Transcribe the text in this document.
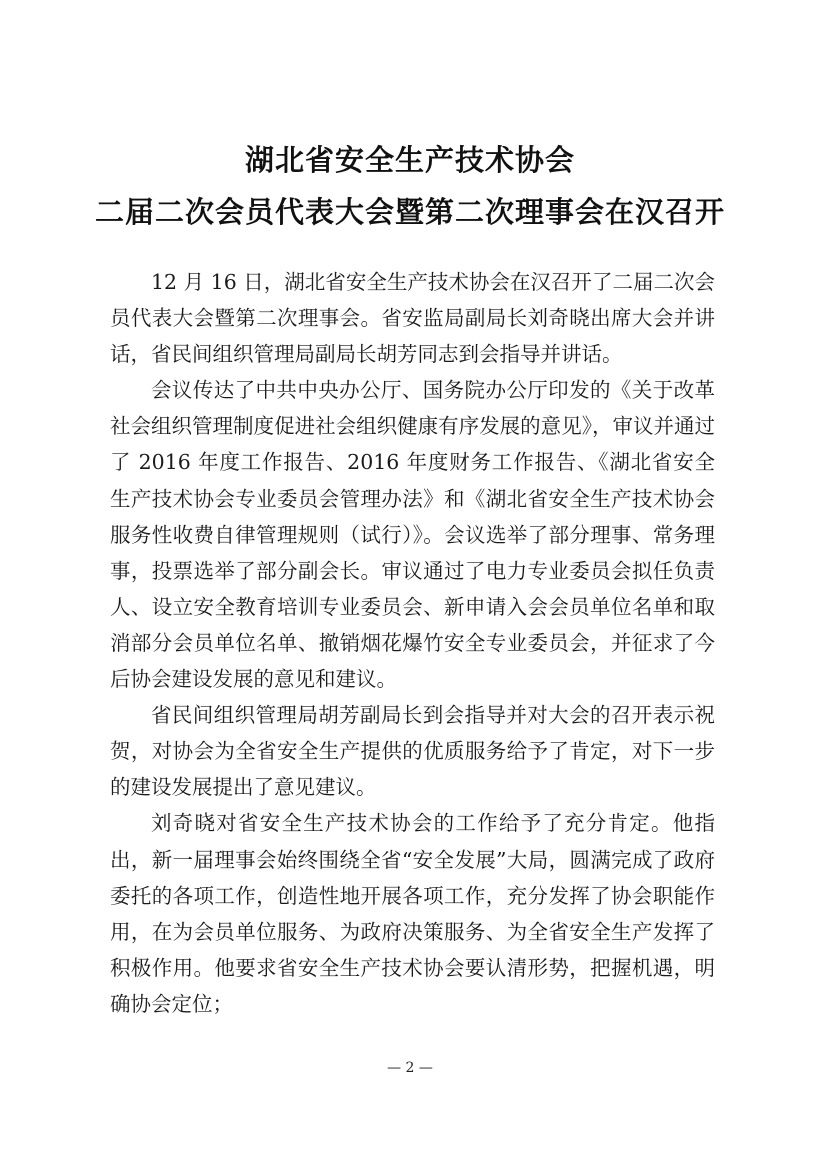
湖北省安全生产技术协会
二届二次会员代表大会暨第二次理事会在汉召开

12 月 16 日，湖北省安全生产技术协会在汉召开了二届二次会员代表大会暨第二次理事会。省安监局副局长刘奇晓出席大会并讲话，省民间组织管理局副局长胡芳同志到会指导并讲话。

会议传达了中共中央办公厅、国务院办公厅印发的《关于改革社会组织管理制度促进社会组织健康有序发展的意见》，审议并通过了 2016 年度工作报告、2016 年度财务工作报告、《湖北省安全生产技术协会专业委员会管理办法》和《湖北省安全生产技术协会服务性收费自律管理规则（试行）》。会议选举了部分理事、常务理事，投票选举了部分副会长。审议通过了电力专业委员会拟任负责人、设立安全教育培训专业委员会、新申请入会会员单位名单和取消部分会员单位名单、撤销烟花爆竹安全专业委员会，并征求了今后协会建设发展的意见和建议。

省民间组织管理局胡芳副局长到会指导并对大会的召开表示祝贺，对协会为全省安全生产提供的优质服务给予了肯定，对下一步的建设发展提出了意见建议。

刘奇晓对省安全生产技术协会的工作给予了充分肯定。他指出，新一届理事会始终围绕全省“安全发展”大局，圆满完成了政府委托的各项工作，创造性地开展各项工作，充分发挥了协会职能作用，在为会员单位服务、为政府决策服务、为全省安全生产发挥了积极作用。他要求省安全生产技术协会要认清形势，把握机遇，明确协会定位；

— 2 —
